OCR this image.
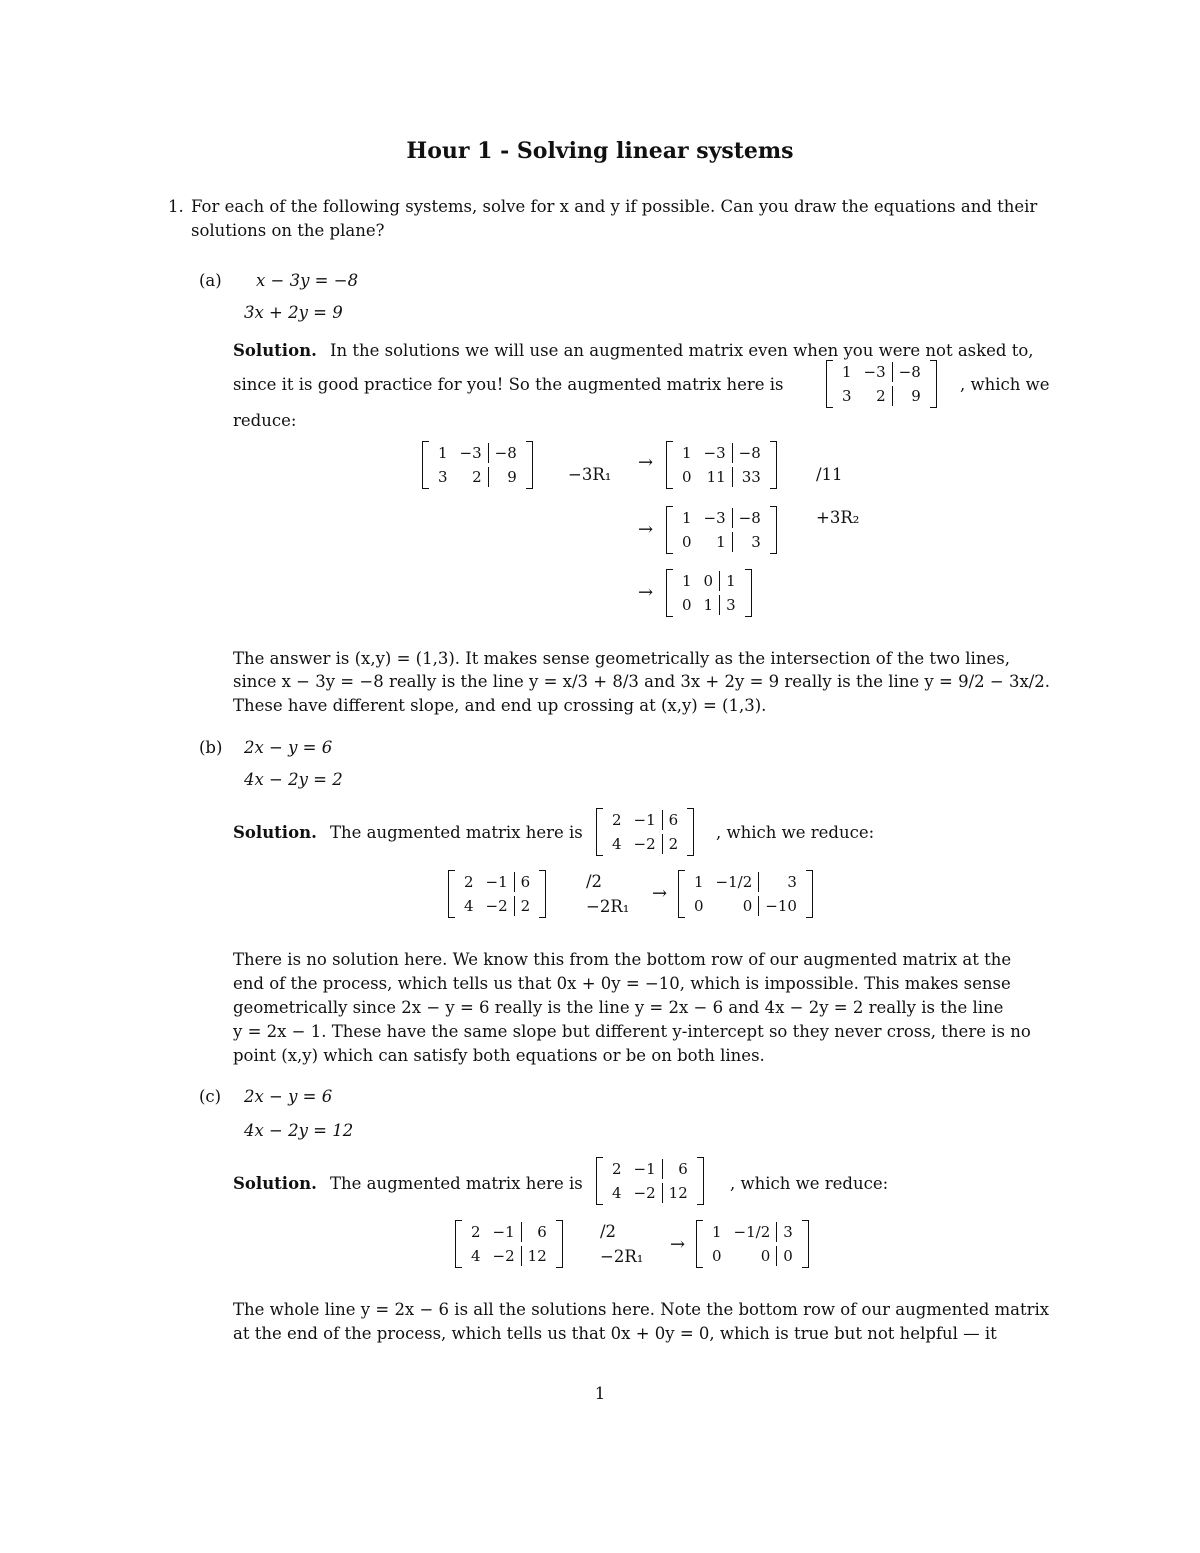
Hour 1 - Solving linear systems
1. For each of the following systems, solve for x and y if possible. Can you draw the equations and their
solutions on the plane?
(a) x − 3y = −8
3x + 2y = 9
Solution. In the solutions we will use an augmented matrix even when you were not asked to,
since it is good practice for you! So the augmented matrix here is
1 −3 −8
3	2	9
, which we
reduce:
1 −3 −8
3	2	9	−3R₁
→	1 −3 −8
0	11	33	/11
→
1 −3 −8
0	1	3
+3R₂
→
1 0 1
0 1 3
The answer is (x,y) = (1,3). It makes sense geometrically as the intersection of the two lines,
since x − 3y = −8 really is the line y = x/3 + 8/3 and 3x + 2y = 9 really is the line y = 9/2 − 3x/2.
These have different slope, and end up crossing at (x,y) = (1,3).
(b) 2x − y = 6
4x − 2y = 2
Solution. The augmented matrix here is
2 −1 6
4 −2 2
, which we reduce:
2 −1 6
4 −2 2
/2
−2R₁
→
1 −1/2	3
0	0 −10
There is no solution here. We know this from the bottom row of our augmented matrix at the
end of the process, which tells us that 0x + 0y = −10, which is impossible. This makes sense
geometrically since 2x − y = 6 really is the line y = 2x − 6 and 4x − 2y = 2 really is the line
y = 2x − 1. These have the same slope but different y-intercept so they never cross, there is no
point (x,y) which can satisfy both equations or be on both lines.
(c) 2x − y = 6
4x − 2y = 12
Solution. The augmented matrix here is
2 −1	6
4 −2 12	, which we reduce:
2 −1	6
4 −2 12
/2
−2R₁
→
1 −1/2 3
0	0 0
The whole line y = 2x − 6 is all the solutions here. Note the bottom row of our augmented matrix
at the end of the process, which tells us that 0x + 0y = 0, which is true but not helpful — it
1
